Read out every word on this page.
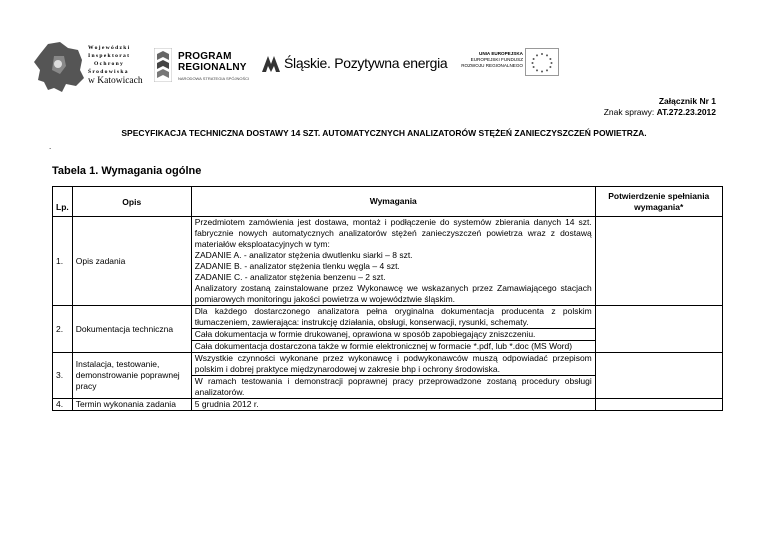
Wojewódzki
Inspektorat
Ochrony
Środowiska
w Katowicach
PROGRAM
REGIONALNY
NARODOWA STRATEGIA SPÓJNOŚCI
Śląskie. Pozytywna energia
UNIA EUROPEJSKA
EUROPEJSKI FUNDUSZ
ROZWOJU REGIONALNEGO
Załącznik Nr 1
Znak sprawy: AT.272.23.2012
SPECYFIKACJA TECHNICZNA DOSTAWY 14 SZT. AUTOMATYCZNYCH ANALIZATORÓW STĘŻEŃ ZANIECZYSZCZEŃ POWIETRZA.
.
Tabela 1. Wymagania ogólne
Lp.	Opis	Wymagania	Potwierdzenie spełniania wymagania*
1.	Opis zadania	Przedmiotem zamówienia jest dostawa, montaż i podłączenie do systemów zbierania danych 14 szt. fabrycznie nowych automatycznych analizatorów stężeń zanieczyszczeń powietrza wraz z dostawą materiałów eksploatacyjnych w tym:
ZADANIE A. - analizator stężenia dwutlenku siarki – 8 szt.
ZADANIE B. - analizator stężenia tlenku węgla – 4 szt.
ZADANIE C. - analizator stężenia benzenu – 2 szt.
Analizatory zostaną zainstalowane przez Wykonawcę we wskazanych przez Zamawiającego stacjach pomiarowych monitoringu jakości powietrza w województwie śląskim.	

2.	Dokumentacja techniczna	Dla każdego dostarczonego analizatora pełna oryginalna dokumentacja producenta z polskim tłumaczeniem, zawierająca: instrukcję działania, obsługi, konserwacji, rysunki, schematy.
Cała dokumentacja w formie drukowanej, oprawiona w sposób zapobiegający zniszczeniu.
Cała dokumentacja dostarczona także w formie elektronicznej w formacie *.pdf, lub *.doc (MS Word)	

3.	Instalacja, testowanie, demonstrowanie poprawnej pracy	Wszystkie czynności wykonane przez wykonawcę i podwykonawców muszą odpowiadać przepisom polskim i dobrej praktyce międzynarodowej w zakresie bhp i ochrony środowiska.
W ramach testowania i demonstracji poprawnej pracy przeprowadzone zostaną procedury obsługi analizatorów.	

4.	Termin wykonania zadania	5 grudnia 2012 r.	
